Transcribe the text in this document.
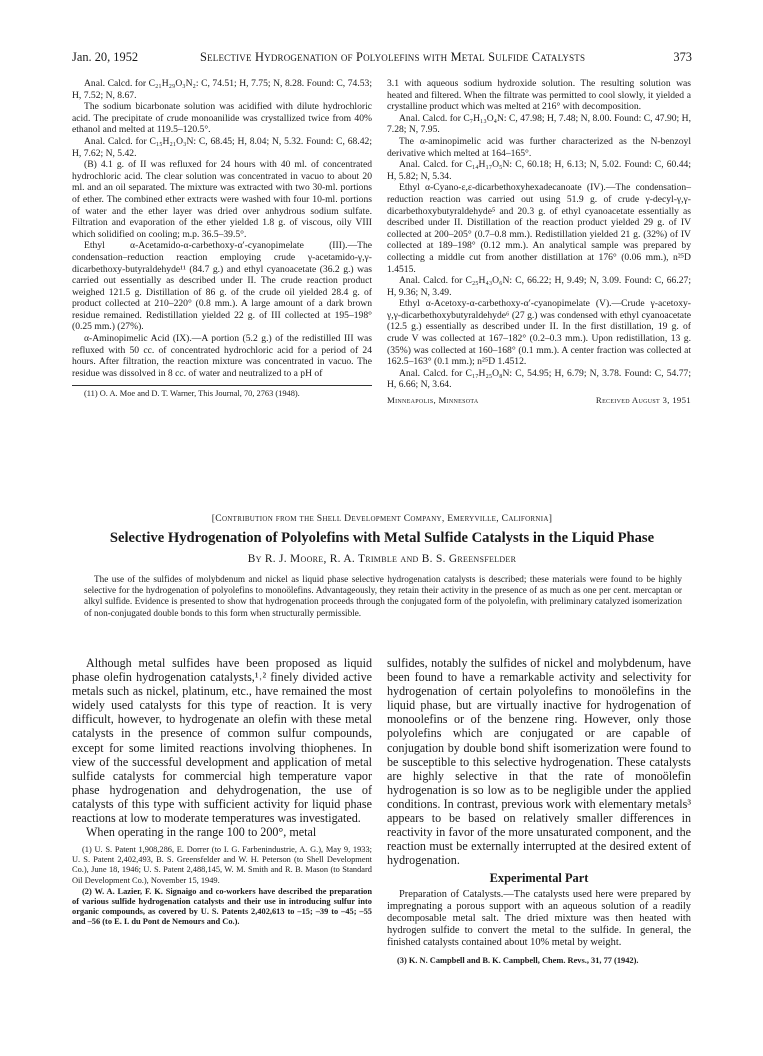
Jan. 20, 1952	Selective Hydrogenation of Polyolefins with Metal Sulfide Catalysts	373

Anal. Calcd. for C₂₁H₂₉O₃N₂: C, 74.51; H, 7.75; N, 8.28. Found: C, 74.53; H, 7.52; N, 8.67.

The sodium bicarbonate solution was acidified with dilute hydrochloric acid. The precipitate of crude monoanilide was crystallized twice from 40% ethanol and melted at 119.5–120.5°.

Anal. Calcd. for C₁₅H₂₁O₃N: C, 68.45; H, 8.04; N, 5.32. Found: C, 68.42; H, 7.62; N, 5.42.

(B) 4.1 g. of II was refluxed for 24 hours with 40 ml. of concentrated hydrochloric acid. The clear solution was concentrated in vacuo to about 20 ml. and an oil separated. The mixture was extracted with two 30-ml. portions of ether. The combined ether extracts were washed with four 10-ml. portions of water and the ether layer was dried over anhydrous sodium sulfate. Filtration and evaporation of the ether yielded 1.8 g. of viscous, oily VIII which solidified on cooling; m.p. 36.5–39.5°.

Ethyl α-Acetamido-α-carbethoxy-α′-cyanopimelate (III).—The condensation–reduction reaction employing crude γ-acetamido-γ,γ-dicarbethoxy-butyraldehyde¹¹ (84.7 g.) and ethyl cyanoacetate (36.2 g.) was carried out essentially as described under II. The crude reaction product weighed 121.5 g. Distillation of 86 g. of the crude oil yielded 28.4 g. of product collected at 210–220° (0.8 mm.). A large amount of a dark brown residue remained. Redistillation yielded 22 g. of III collected at 195–198° (0.25 mm.) (27%).

α-Aminopimelic Acid (IX).—A portion (5.2 g.) of the redistilled III was refluxed with 50 cc. of concentrated hydrochloric acid for a period of 24 hours. After filtration, the reaction mixture was concentrated in vacuo. The residue was dissolved in 8 cc. of water and neutralized to a pH of

(11) O. A. Moe and D. T. Warner, This Journal, 70, 2763 (1948).

3.1 with aqueous sodium hydroxide solution. The resulting solution was heated and filtered. When the filtrate was permitted to cool slowly, it yielded a crystalline product which was melted at 216° with decomposition.

Anal. Calcd. for C₇H₁₃O₄N: C, 47.98; H, 7.48; N, 8.00. Found: C, 47.90; H, 7.28; N, 7.95.

The α-aminopimelic acid was further characterized as the N-benzoyl derivative which melted at 164–165°.

Anal. Calcd. for C₁₄H₁₇O₅N: C, 60.18; H, 6.13; N, 5.02. Found: C, 60.44; H, 5.82; N, 5.34.

Ethyl α-Cyano-ε,ε-dicarbethoxyhexadecanoate (IV).—The condensation–reduction reaction was carried out using 51.9 g. of crude γ-decyl-γ,γ-dicarbethoxybutyraldehyde⁵ and 20.3 g. of ethyl cyanoacetate essentially as described under II. Distillation of the reaction product yielded 29 g. of IV collected at 200–205° (0.7–0.8 mm.). Redistillation yielded 21 g. (32%) of IV collected at 189–198° (0.12 mm.). An analytical sample was prepared by collecting a middle cut from another distillation at 176° (0.06 mm.), n²⁵D 1.4515.

Anal. Calcd. for C₂₅H₄₃O₆N: C, 66.22; H, 9.49; N, 3.09. Found: C, 66.27; H, 9.36; N, 3.49.

Ethyl α-Acetoxy-α-carbethoxy-α′-cyanopimelate (V).—Crude γ-acetoxy-γ,γ-dicarbethoxybutyraldehyde⁶ (27 g.) was condensed with ethyl cyanoacetate (12.5 g.) essentially as described under II. In the first distillation, 19 g. of crude V was collected at 167–182° (0.2–0.3 mm.). Upon redistillation, 13 g. (35%) was collected at 160–168° (0.1 mm.). A center fraction was collected at 162.5–163° (0.1 mm.); n²⁵D 1.4512.

Anal. Calcd. for C₁₇H₂₅O₈N: C, 54.95; H, 6.79; N, 3.78. Found: C, 54.77; H, 6.66; N, 3.64.

Minneapolis, Minnesota	Received August 3, 1951
[Contribution from the Shell Development Company, Emeryville, California]
Selective Hydrogenation of Polyolefins with Metal Sulfide Catalysts in the Liquid Phase
By R. J. Moore, R. A. Trimble and B. S. Greensfelder
The use of the sulfides of molybdenum and nickel as liquid phase selective hydrogenation catalysts is described; these materials were found to be highly selective for the hydrogenation of polyolefins to monoölefins. Advantageously, they retain their activity in the presence of as much as one per cent. mercaptan or alkyl sulfide. Evidence is presented to show that hydrogenation proceeds through the conjugated form of the polyolefin, with preliminary catalyzed isomerization of non-conjugated double bonds to this form when structurally permissible.

Although metal sulfides have been proposed as liquid phase olefin hydrogenation catalysts,¹˒² finely divided active metals such as nickel, platinum, etc., have remained the most widely used catalysts for this type of reaction. It is very difficult, however, to hydrogenate an olefin with these metal catalysts in the presence of common sulfur compounds, except for some limited reactions involving thiophenes. In view of the successful development and application of metal sulfide catalysts for commercial high temperature vapor phase hydrogenation and dehydrogenation, the use of catalysts of this type with sufficient activity for liquid phase reactions at low to moderate temperatures was investigated.

When operating in the range 100 to 200°, metal

(1) U. S. Patent 1,908,286, E. Dorrer (to I. G. Farbenindustrie, A. G.), May 9, 1933; U. S. Patent 2,402,493, B. S. Greensfelder and W. H. Peterson (to Shell Development Co.), June 18, 1946; U. S. Patent 2,488,145, W. M. Smith and R. B. Mason (to Standard Oil Development Co.), November 15, 1949.

(2) W. A. Lazier, F. K. Signaigo and co-workers have described the preparation of various sulfide hydrogenation catalysts and their use in introducing sulfur into organic compounds, as covered by U. S. Patents 2,402,613 to –15; –39 to –45; –55 and –56 (to E. I. du Pont de Nemours and Co.).

sulfides, notably the sulfides of nickel and molybdenum, have been found to have a remarkable activity and selectivity for hydrogenation of certain polyolefins to monoölefins in the liquid phase, but are virtually inactive for hydrogenation of monoolefins or of the benzene ring. However, only those polyolefins which are conjugated or are capable of conjugation by double bond shift isomerization were found to be susceptible to this selective hydrogenation. These catalysts are highly selective in that the rate of monoölefin hydrogenation is so low as to be negligible under the applied conditions. In contrast, previous work with elementary metals³ appears to be based on relatively smaller differences in reactivity in favor of the more unsaturated component, and the reaction must be externally interrupted at the desired extent of hydrogenation.

Experimental Part

Preparation of Catalysts.—The catalysts used here were prepared by impregnating a porous support with an aqueous solution of a readily decomposable metal salt. The dried mixture was then heated with hydrogen sulfide to convert the metal to the sulfide. In general, the finished catalysts contained about 10% metal by weight.

(3) K. N. Campbell and B. K. Campbell, Chem. Revs., 31, 77 (1942).
